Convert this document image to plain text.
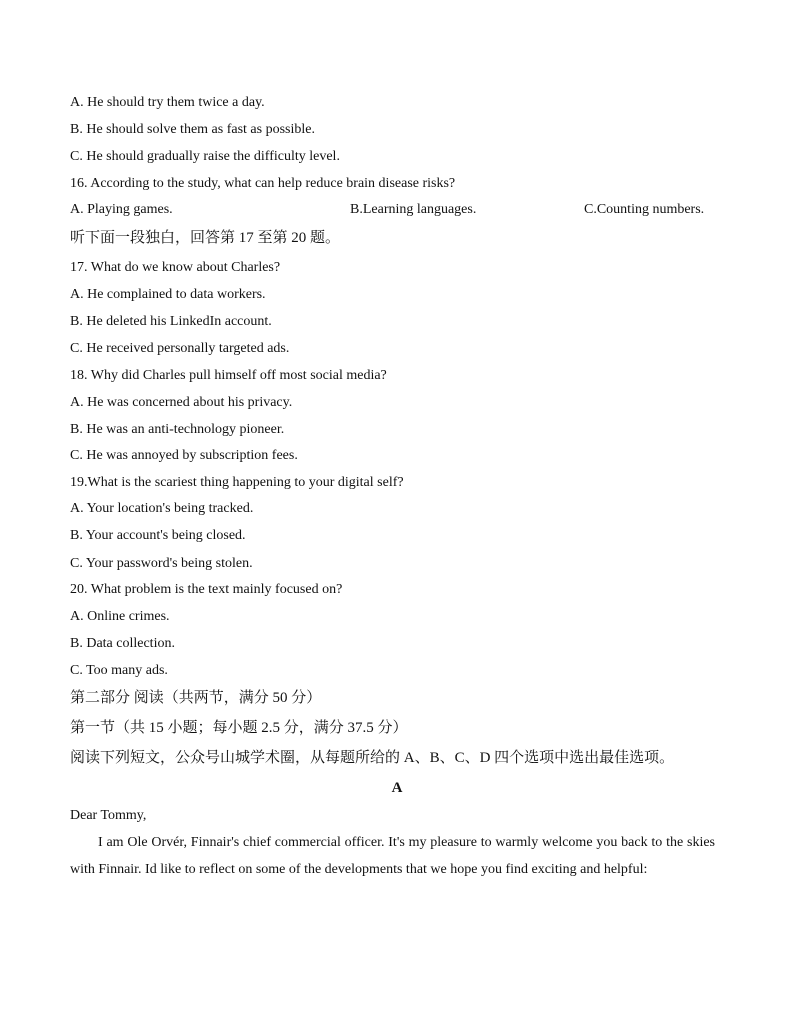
A. He should try them twice a day.
B. He should solve them as fast as possible.
C. He should gradually raise the difficulty level.
16. According to the study, what can help reduce brain disease risks?
A. Playing games.	B.Learning languages.	C.Counting numbers.
听下面一段独白，回答第 17 至第 20 题。
17. What do we know about Charles?
A. He complained to data workers.
B. He deleted his LinkedIn account.
C. He received personally targeted ads.
18. Why did Charles pull himself off most social media?
A. He was concerned about his privacy.
B. He was an anti-technology pioneer.
C. He was annoyed by subscription fees.
19.What is the scariest thing happening to your digital self?
A. Your location's being tracked.
B. Your account's being closed.
C. Your password's being stolen.
20. What problem is the text mainly focused on?
A. Online crimes.
B. Data collection.
C. Too many ads.
第二部分 阅读（共两节，满分 50 分）
第一节（共 15 小题；每小题 2.5 分，满分 37.5 分）
阅读下列短文，公众号山城学术圈，从每题所给的 A、B、C、D 四个选项中选出最佳选项。
A
Dear Tommy,
I am Ole Orvér, Finnair's chief commercial officer. It's my pleasure to warmly welcome you back to the skies with Finnair. Id like to reflect on some of the developments that we hope you find exciting and helpful:
